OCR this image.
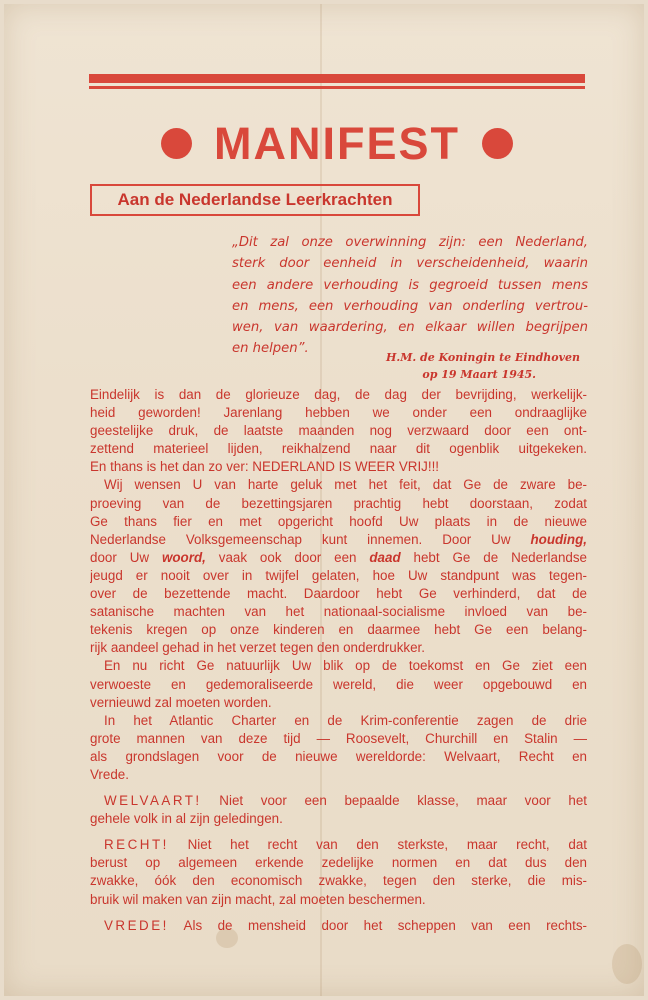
MANIFEST
Aan de Nederlandse Leerkrachten
„Dit zal onze overwinning zijn: een Nederland,
sterk door eenheid in verscheidenheid, waarin
een andere verhouding is gegroeid tussen mens
en mens, een verhouding van onderling vertrou-
wen, van waardering, en elkaar willen begrijpen
en helpen”.
H.M. de Koningin te Eindhoven
op 19 Maart 1945.
Eindelijk is dan de glorieuze dag, de dag der bevrijding, werkelijk-
heid geworden! Jarenlang hebben we onder een ondraaglijke
geestelijke druk, de laatste maanden nog verzwaard door een ont-
zettend materieel lijden, reikhalzend naar dit ogenblik uitgekeken.
En thans is het dan zo ver: NEDERLAND IS WEER VRIJ!!!
Wij wensen U van harte geluk met het feit, dat Ge de zware be-
proeving van de bezettingsjaren prachtig hebt doorstaan, zodat
Ge thans fier en met opgericht hoofd Uw plaats in de nieuwe
Nederlandse Volksgemeenschap kunt innemen. Door Uw houding,
door Uw woord, vaak ook door een daad hebt Ge de Nederlandse
jeugd er nooit over in twijfel gelaten, hoe Uw standpunt was tegen-
over de bezettende macht. Daardoor hebt Ge verhinderd, dat de
satanische machten van het nationaal-socialisme invloed van be-
tekenis kregen op onze kinderen en daarmee hebt Ge een belang-
rijk aandeel gehad in het verzet tegen den onderdrukker.
En nu richt Ge natuurlijk Uw blik op de toekomst en Ge ziet een
verwoeste en gedemoraliseerde wereld, die weer opgebouwd en
vernieuwd zal moeten worden.
In het Atlantic Charter en de Krim-conferentie zagen de drie
grote mannen van deze tijd — Roosevelt, Churchill en Stalin —
als grondslagen voor de nieuwe wereldorde: Welvaart, Recht en
Vrede.
WELVAART! Niet voor een bepaalde klasse, maar voor het
gehele volk in al zijn geledingen.
RECHT! Niet het recht van den sterkste, maar recht, dat
berust op algemeen erkende zedelijke normen en dat dus den
zwakke, óók den economisch zwakke, tegen den sterke, die mis-
bruik wil maken van zijn macht, zal moeten beschermen.
VREDE! Als de mensheid door het scheppen van een rechts-
